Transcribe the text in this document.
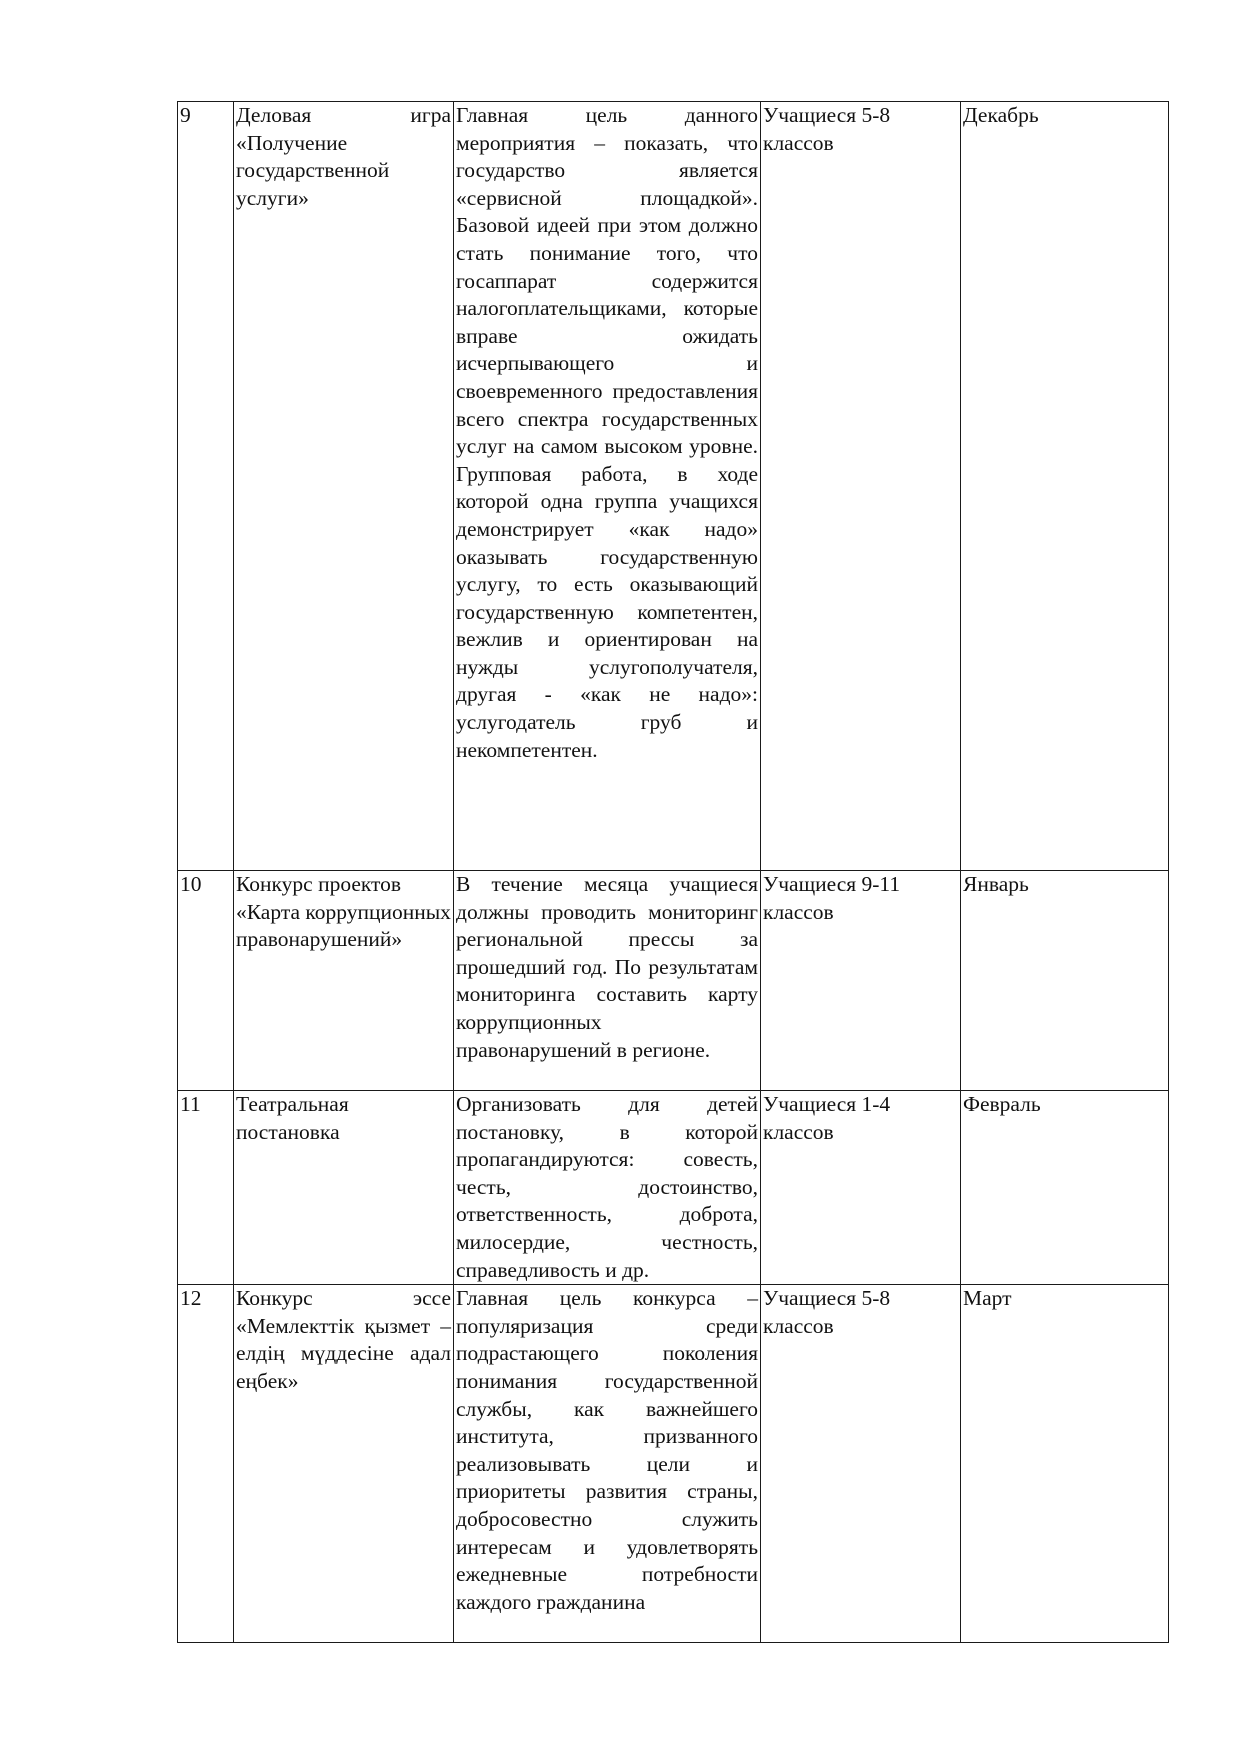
9	Деловая игра «Получение государственной услуги»	Главная цель данного мероприятия – показать, что государство является «сервисной площадкой». Базовой идеей при этом должно стать понимание того, что госаппарат содержится налогоплательщиками, которые вправе ожидать исчерпывающего и своевременного предоставления всего спектра государственных услуг на самом высоком уровне. Групповая работа, в ходе которой одна группа учащихся демонстрирует «как надо» оказывать государственную услугу, то есть оказывающий государственную компетентен, вежлив и ориентирован на нужды услугополучателя, другая - «как не надо»: услугодатель груб и некомпетентен.	Учащиеся 5-8 классов	Декабрь
10	Конкурс проектов «Карта коррупционных правонарушений»	В течение месяца учащиеся должны проводить мониторинг региональной прессы за прошедший год. По результатам мониторинга составить карту коррупционных правонарушений в регионе.	Учащиеся 9-11 классов	Январь
11	Театральная постановка	Организовать для детей постановку, в которой пропагандируются: совесть, честь, достоинство, ответственность, доброта, милосердие, честность, справедливость и др.	Учащиеся 1-4 классов	Февраль
12	Конкурс эссе «Мемлекттік қызмет – елдің мүддесіне адал еңбек»	Главная цель конкурса – популяризация среди подрастающего поколения понимания государственной службы, как важнейшего института, призванного реализовывать цели и приоритеты развития страны, добросовестно служить интересам и удовлетворять ежедневные потребности каждого гражданина	Учащиеся 5-8 классов	Март
